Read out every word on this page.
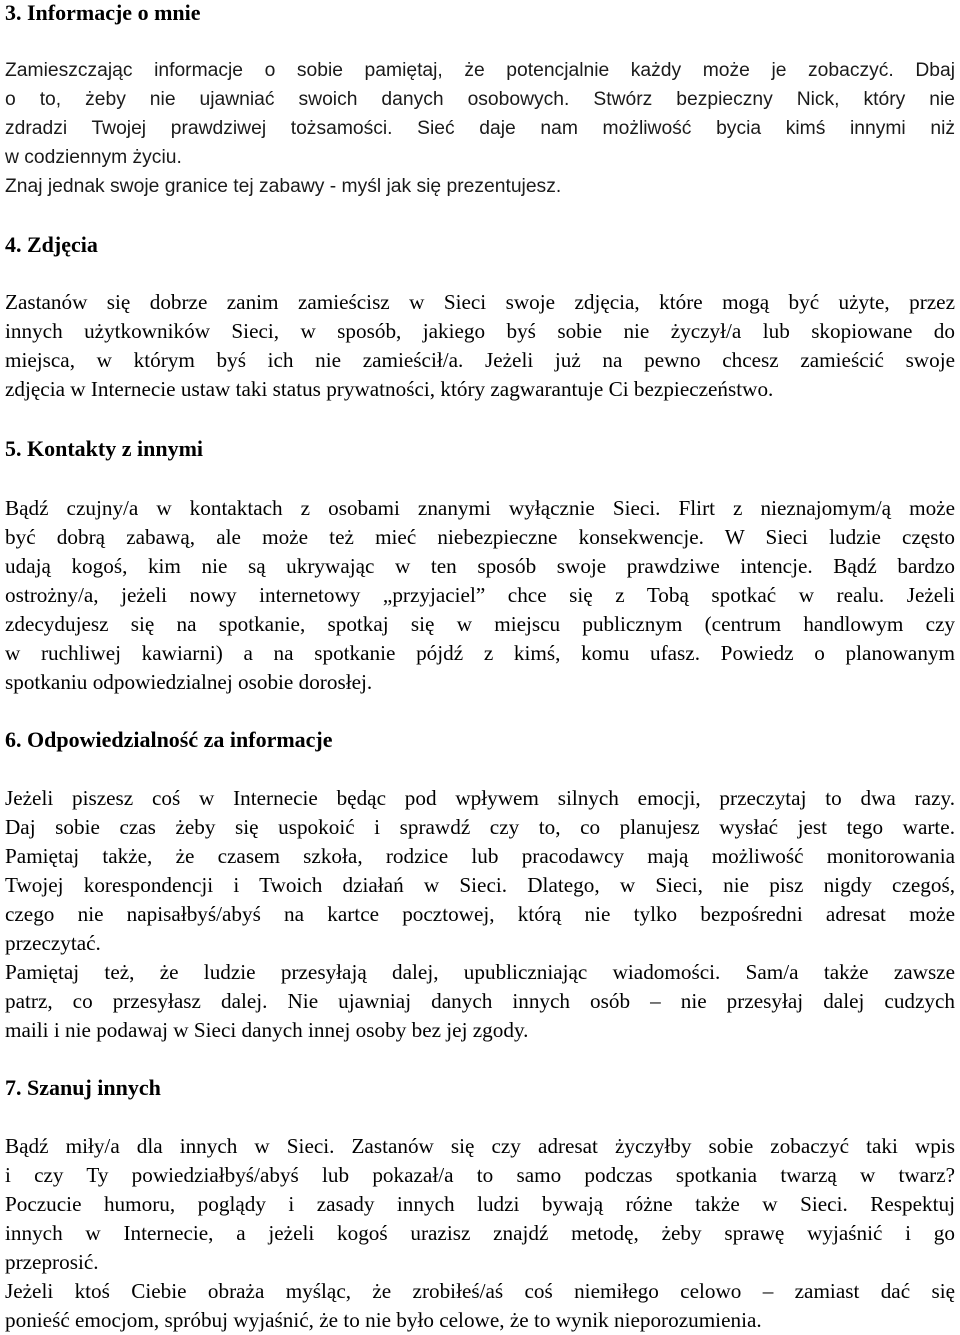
3. Informacje o mnie
Zamieszczając informacje o sobie pamiętaj, że potencjalnie każdy może je zobaczyć. Dbaj
o to, żeby nie ujawniać swoich danych osobowych. Stwórz bezpieczny Nick, który nie
zdradzi Twojej prawdziwej tożsamości. Sieć daje nam możliwość bycia kimś innymi niż
w codziennym życiu.
Znaj jednak swoje granice tej zabawy - myśl jak się prezentujesz.
4. Zdjęcia
Zastanów się dobrze zanim zamieścisz w Sieci swoje zdjęcia, które mogą być użyte, przez
innych użytkowników Sieci, w sposób, jakiego byś sobie nie życzył/a lub skopiowane do
miejsca, w którym byś ich nie zamieścił/a. Jeżeli już na pewno chcesz zamieścić swoje
zdjęcia w Internecie ustaw taki status prywatności, który zagwarantuje Ci bezpieczeństwo.
5. Kontakty z innymi
Bądź czujny/a w kontaktach z osobami znanymi wyłącznie Sieci. Flirt z nieznajomym/ą może
być dobrą zabawą, ale może też mieć niebezpieczne konsekwencje. W Sieci ludzie często
udają kogoś, kim nie są ukrywając w ten sposób swoje prawdziwe intencje. Bądź bardzo
ostrożny/a, jeżeli nowy internetowy „przyjaciel” chce się z Tobą spotkać w realu. Jeżeli
zdecydujesz się na spotkanie, spotkaj się w miejscu publicznym (centrum handlowym czy
w ruchliwej kawiarni) a na spotkanie pójdź z kimś, komu ufasz. Powiedz o planowanym
spotkaniu odpowiedzialnej osobie dorosłej.
6. Odpowiedzialność za informacje
Jeżeli piszesz coś w Internecie będąc pod wpływem silnych emocji, przeczytaj to dwa razy.
Daj sobie czas żeby się uspokoić i sprawdź czy to, co planujesz wysłać jest tego warte.
Pamiętaj także, że czasem szkoła, rodzice lub pracodawcy mają możliwość monitorowania
Twojej korespondencji i Twoich działań w Sieci. Dlatego, w Sieci, nie pisz nigdy czegoś,
czego nie napisałbyś/abyś na kartce pocztowej, którą nie tylko bezpośredni adresat może
przeczytać.
Pamiętaj też, że ludzie przesyłają dalej, upubliczniając wiadomości. Sam/a także zawsze
patrz, co przesyłasz dalej. Nie ujawniaj danych innych osób – nie przesyłaj dalej cudzych
maili i nie podawaj w Sieci danych innej osoby bez jej zgody.
7. Szanuj innych
Bądź miły/a dla innych w Sieci. Zastanów się czy adresat życzyłby sobie zobaczyć taki wpis
i czy Ty powiedziałbyś/abyś lub pokazał/a to samo podczas spotkania twarzą w twarz?
Poczucie humoru, poglądy i zasady innych ludzi bywają różne także w Sieci. Respektuj
innych w Internecie, a jeżeli kogoś urazisz znajdź metodę, żeby sprawę wyjaśnić i go
przeprosić.
Jeżeli ktoś Ciebie obraża myśląc, że zrobiłeś/aś coś niemiłego celowo – zamiast dać się
ponieść emocjom, spróbuj wyjaśnić, że to nie było celowe, że to wynik nieporozumienia.
